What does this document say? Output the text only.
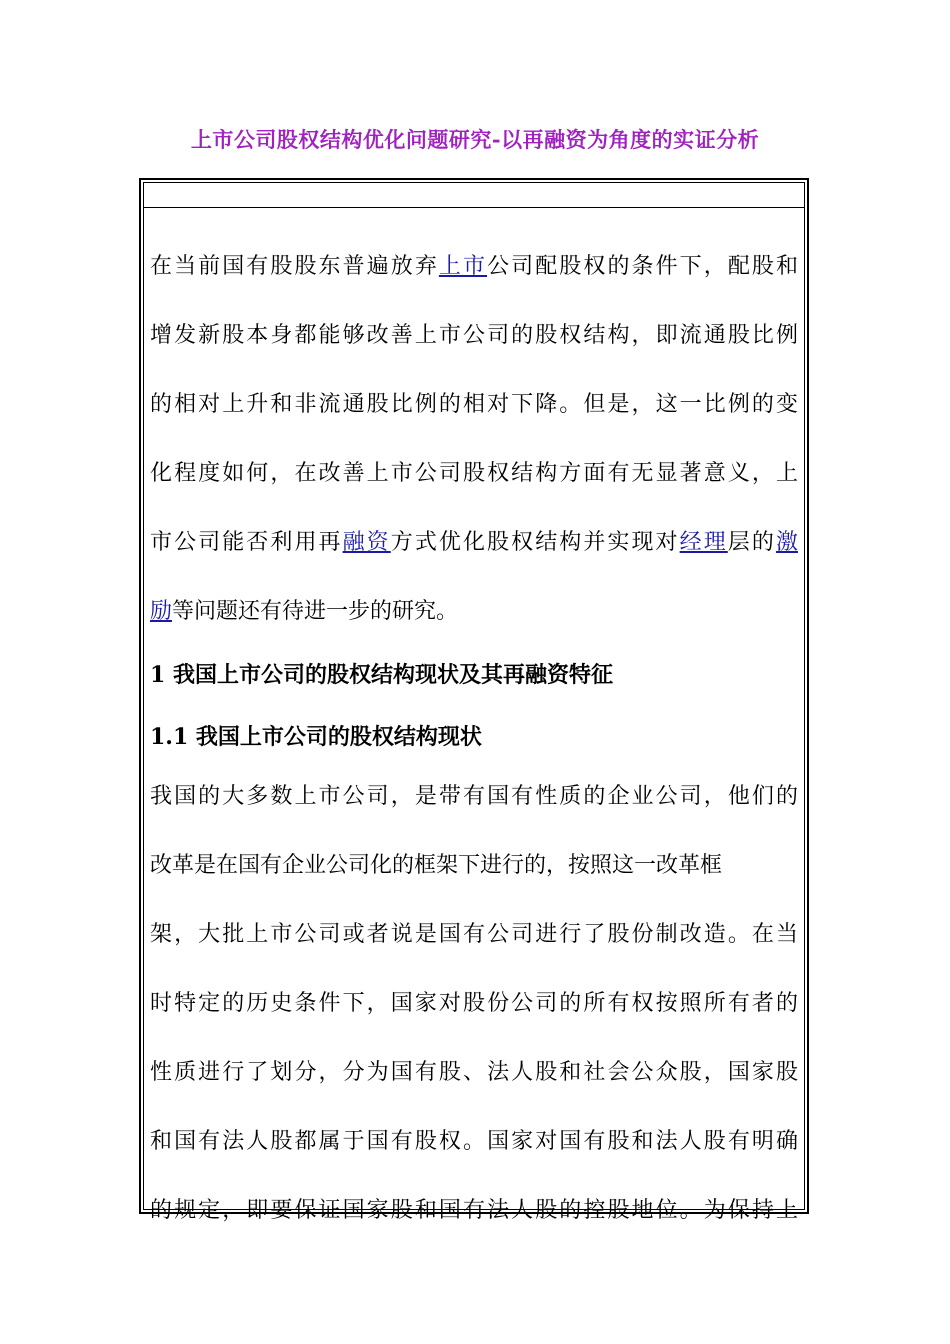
上市公司股权结构优化问题研究-以再融资为角度的实证分析
在当前国有股股东普遍放弃上市公司配股权的条件下，配股和
增发新股本身都能够改善上市公司的股权结构，即流通股比例
的相对上升和非流通股比例的相对下降。但是，这一比例的变
化程度如何，在改善上市公司股权结构方面有无显著意义，上
市公司能否利用再融资方式优化股权结构并实现对经理层的激
励等问题还有待进一步的研究。
1 我国上市公司的股权结构现状及其再融资特征
1.1 我国上市公司的股权结构现状
我国的大多数上市公司，是带有国有性质的企业公司，他们的
改革是在国有企业公司化的框架下进行的，按照这一改革框
架，大批上市公司或者说是国有公司进行了股份制改造。在当
时特定的历史条件下，国家对股份公司的所有权按照所有者的
性质进行了划分，分为国有股、法人股和社会公众股，国家股
和国有法人股都属于国有股权。国家对国有股和法人股有明确
的规定，即要保证国家股和国有法人股的控股地位。为保持上
